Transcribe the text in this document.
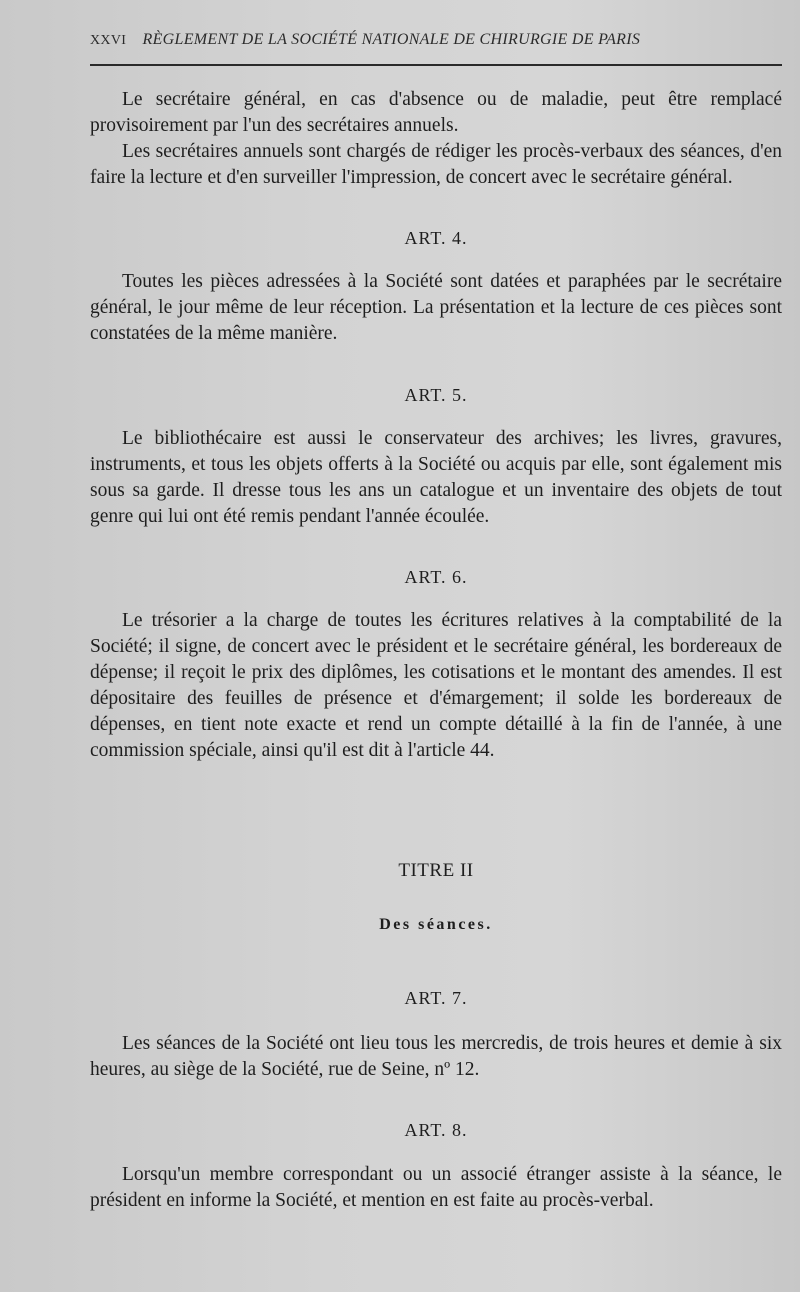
XXVI RÈGLEMENT DE LA SOCIÉTÉ NATIONALE DE CHIRURGIE DE PARIS

Le secrétaire général, en cas d'absence ou de maladie, peut être remplacé provisoirement par l'un des secrétaires annuels.

Les secrétaires annuels sont chargés de rédiger les procès-verbaux des séances, d'en faire la lecture et d'en surveiller l'impression, de concert avec le secrétaire général.

ART. 4.

Toutes les pièces adressées à la Société sont datées et paraphées par le secrétaire général, le jour même de leur réception. La présentation et la lecture de ces pièces sont constatées de la même manière.

ART. 5.

Le bibliothécaire est aussi le conservateur des archives; les livres, gravures, instruments, et tous les objets offerts à la Société ou acquis par elle, sont également mis sous sa garde. Il dresse tous les ans un catalogue et un inventaire des objets de tout genre qui lui ont été remis pendant l'année écoulée.

ART. 6.

Le trésorier a la charge de toutes les écritures relatives à la comptabilité de la Société; il signe, de concert avec le président et le secrétaire général, les bordereaux de dépense; il reçoit le prix des diplômes, les cotisations et le montant des amendes. Il est dépositaire des feuilles de présence et d'émargement; il solde les bordereaux de dépenses, en tient note exacte et rend un compte détaillé à la fin de l'année, à une commission spéciale, ainsi qu'il est dit à l'article 44.

TITRE II
Des séances.
ART. 7.

Les séances de la Société ont lieu tous les mercredis, de trois heures et demie à six heures, au siège de la Société, rue de Seine, nº 12.

ART. 8.

Lorsqu'un membre correspondant ou un associé étranger assiste à la séance, le président en informe la Société, et mention en est faite au procès-verbal.
